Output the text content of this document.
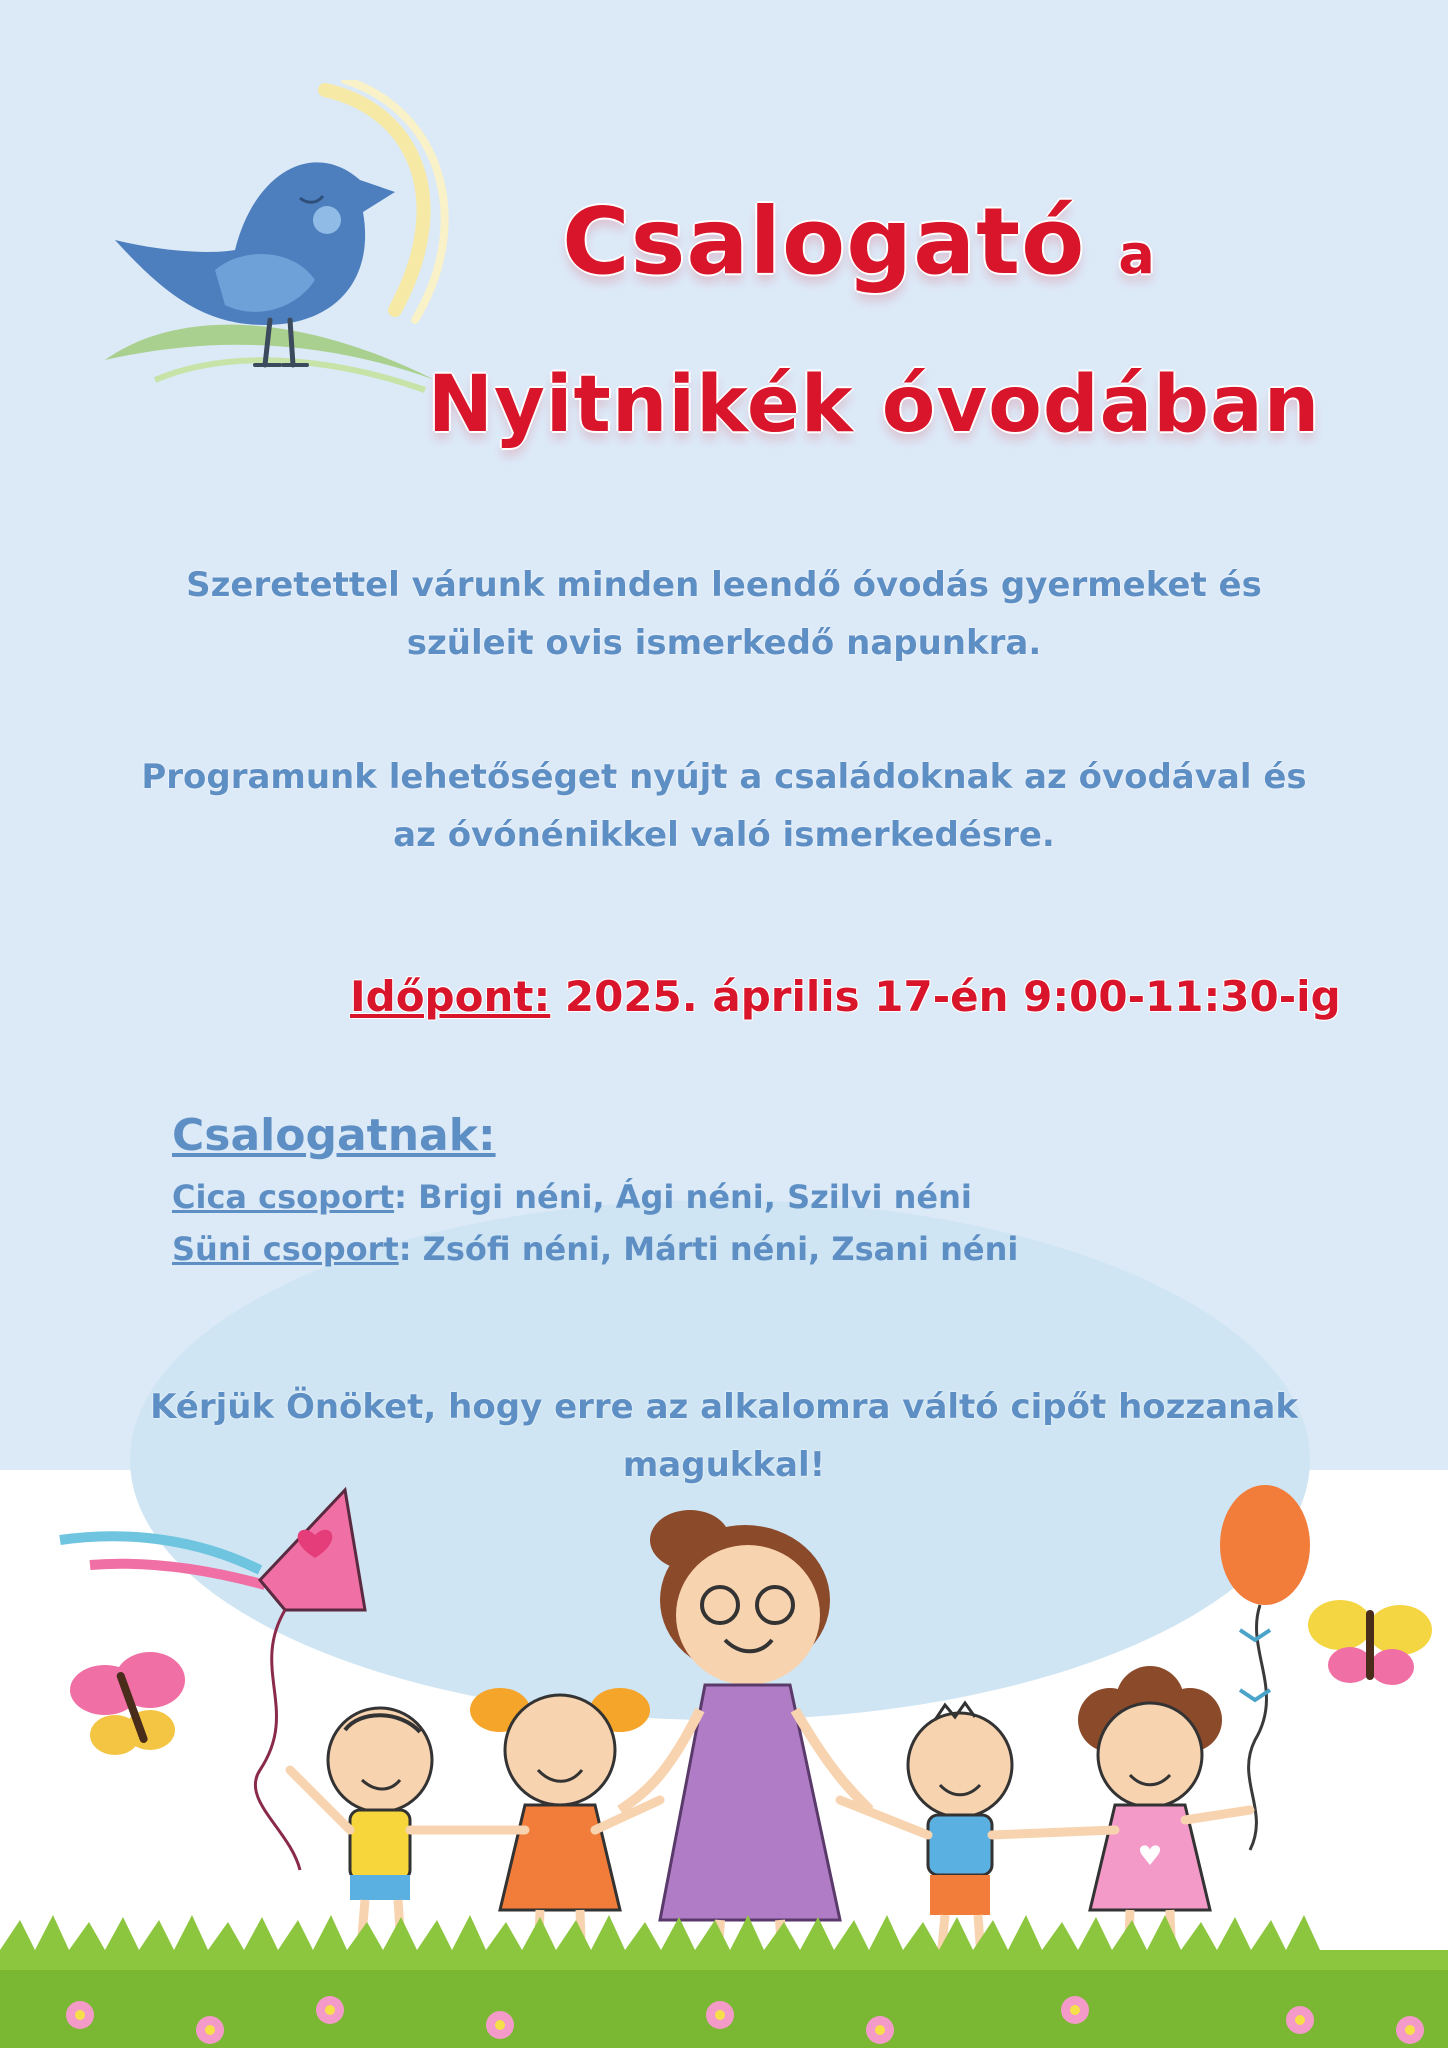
Csalogató a
Nyitnikék óvodában
Szeretettel várunk minden leendő óvodás gyermeket és
szüleit ovis ismerkedő napunkra.
Programunk lehetőséget nyújt a családoknak az óvodával és
az óvónénikkel való ismerkedésre.

Időpont: 2025. április 17-én 9:00-11:30-ig

Csalogatnak:

Cica csoport: Brigi néni, Ági néni, Szilvi néni

Süni csoport: Zsófi néni, Márti néni, Zsani néni

Kérjük Önöket, hogy erre az alkalomra váltó cipőt hozzanak
magukkal!
